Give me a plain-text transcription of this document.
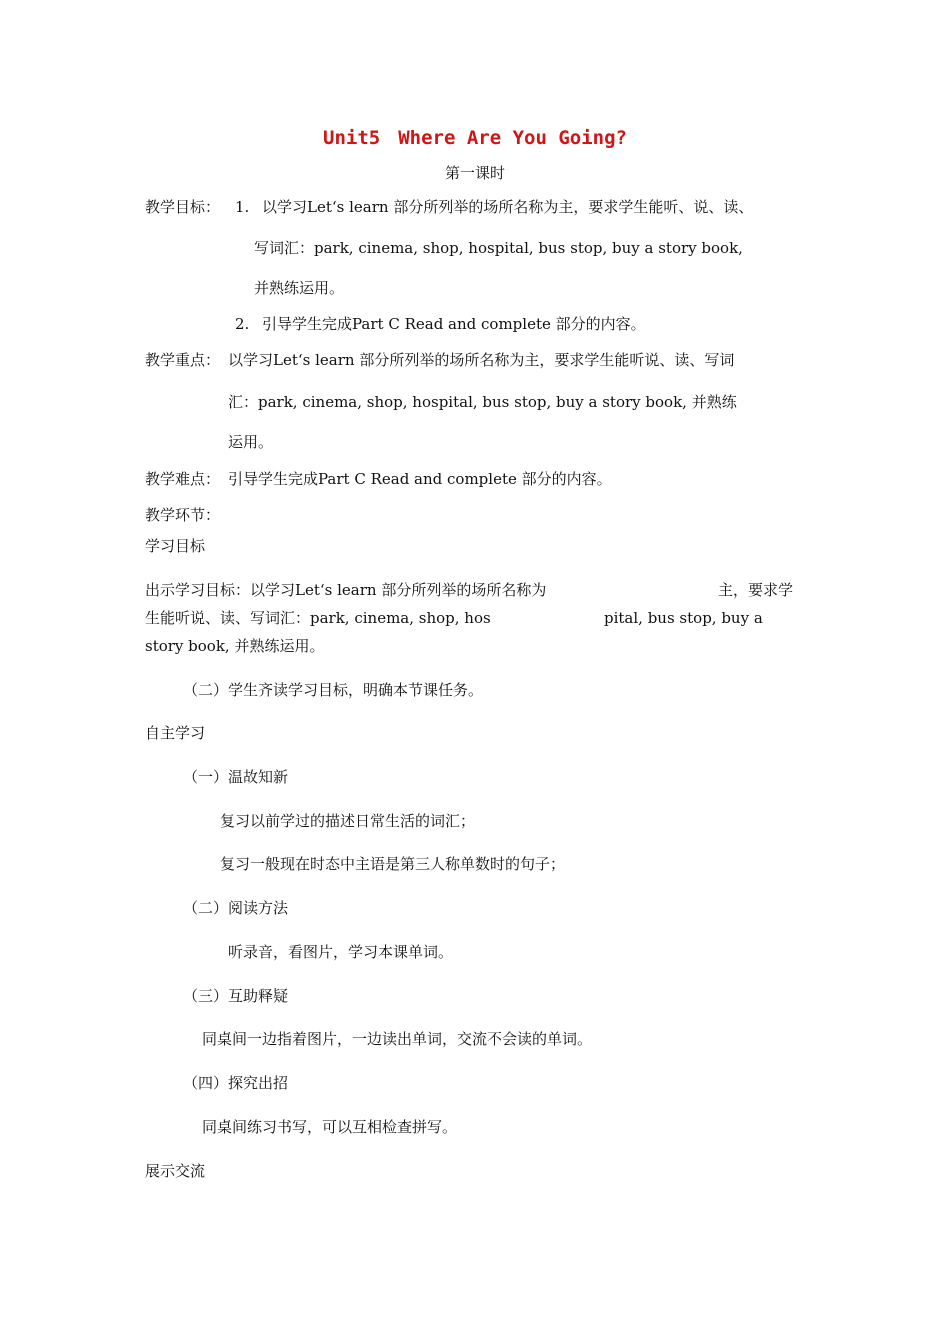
Unit5 Where Are You Going?
第一课时
教学目标： 1. 以学习Let‘s learn 部分所列举的场所名称为主，要求学生能听、说、读、
写词汇：park, cinema, shop, hospital, bus stop, buy a story book,
并熟练运用。
2. 引导学生完成Part C Read and complete 部分的内容。
教学重点： 以学习Let‘s learn 部分所列举的场所名称为主，要求学生能听说、读、写词
汇：park, cinema, shop, hospital, bus stop, buy a story book, 并熟练
运用。
教学难点： 引导学生完成Part C Read and complete 部分的内容。
教学环节：
学习目标
出示学习目标：以学习Let‘s learn 部分所列举的场所名称为	主，要求学
生能听说、读、写词汇：park, cinema, shop, hos	pital, bus stop, buy a
story book, 并熟练运用。
（二）学生齐读学习目标，明确本节课任务。
自主学习
（一）温故知新
复习以前学过的描述日常生活的词汇；
复习一般现在时态中主语是第三人称单数时的句子；
（二）阅读方法
听录音，看图片，学习本课单词。
（三）互助释疑
同桌间一边指着图片，一边读出单词，交流不会读的单词。
（四）探究出招
同桌间练习书写，可以互相检查拼写。
展示交流
